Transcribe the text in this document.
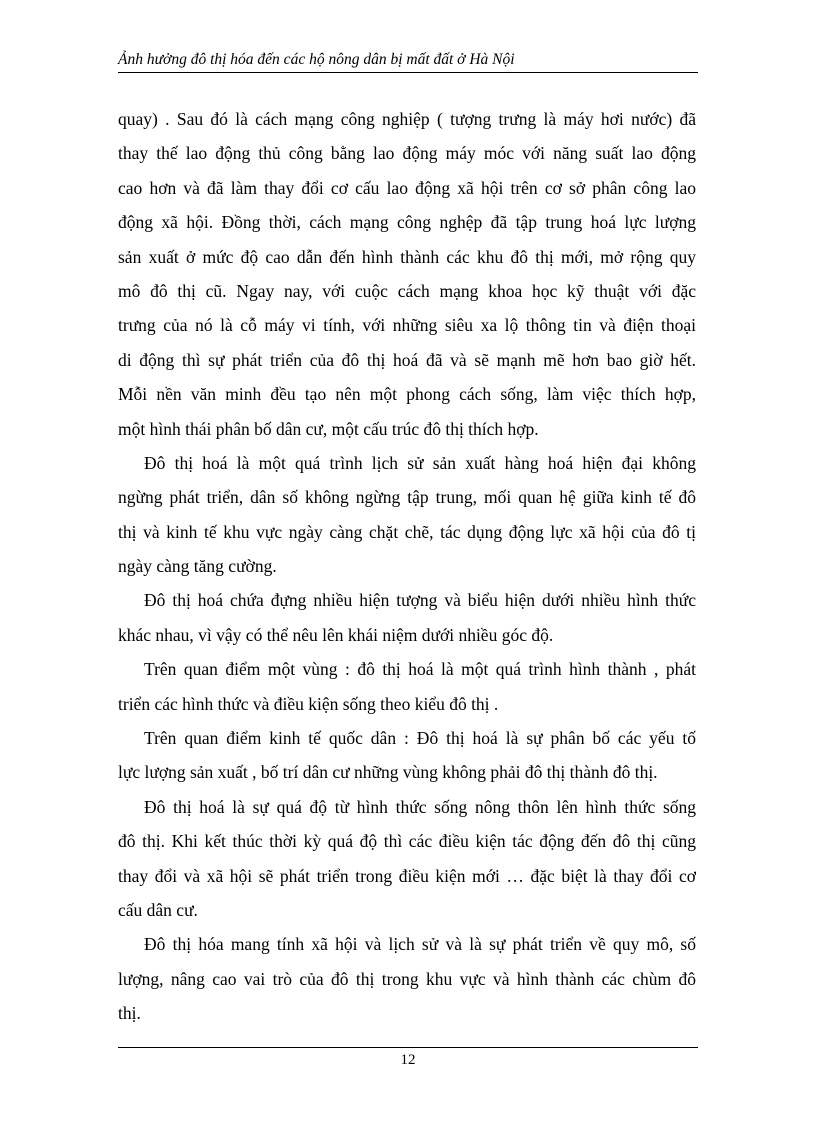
Ảnh hưởng đô thị hóa đến các hộ nông dân bị mất đất ở Hà Nội
quay) . Sau đó là cách mạng công nghiệp ( tượng trưng là máy hơi nước) đã
thay thế lao động thủ công bằng lao động máy móc với năng suất lao động
cao hơn và đã làm thay đổi cơ cấu lao động xã hội trên cơ sở phân công lao
động xã hội. Đồng thời, cách mạng công nghệp đã tập trung hoá lực lượng
sản xuất ở mức độ cao dẫn đến hình thành các khu đô thị mới, mở rộng quy
mô đô thị cũ. Ngay nay, với cuộc cách mạng khoa học kỹ thuật với đặc
trưng của nó là cỗ máy vi tính, với những siêu xa lộ thông tin và điện thoại
di động thì sự phát triển của đô thị hoá đã và sẽ mạnh mẽ hơn bao giờ hết.
Mỗi nền văn minh đều tạo nên một phong cách sống, làm việc thích hợp,
một hình thái phân bố dân cư, một cấu trúc đô thị thích hợp.
Đô thị hoá là một quá trình lịch sử sản xuất hàng hoá hiện đại không
ngừng phát triển, dân số không ngừng tập trung, mối quan hệ giữa kinh tế đô
thị và kinh tế khu vực ngày càng chặt chẽ, tác dụng động lực xã hội của đô tị
ngày càng tăng cường.
Đô thị hoá chứa đựng nhiều hiện tượng và biểu hiện dưới nhiều hình thức
khác nhau, vì vậy có thể nêu lên khái niệm dưới nhiều góc độ.
Trên quan điểm một vùng : đô thị hoá là một quá trình hình thành , phát
triển các hình thức và điều kiện sống theo kiểu đô thị .
Trên quan điểm kinh tế quốc dân : Đô thị hoá là sự phân bố các yếu tố
lực lượng sản xuất , bố trí dân cư những vùng không phải đô thị thành đô thị.
Đô thị hoá là sự quá độ từ hình thức sống nông thôn lên hình thức sống
đô thị. Khi kết thúc thời kỳ quá độ thì các điều kiện tác động đến đô thị cũng
thay đổi và xã hội sẽ phát triển trong điều kiện mới … đặc biệt là thay đổi cơ
cấu dân cư.
Đô thị hóa mang tính xã hội và lịch sử và là sự phát triển về quy mô, số
lượng, nâng cao vai trò của đô thị trong khu vực và hình thành các chùm đô
thị.
12
